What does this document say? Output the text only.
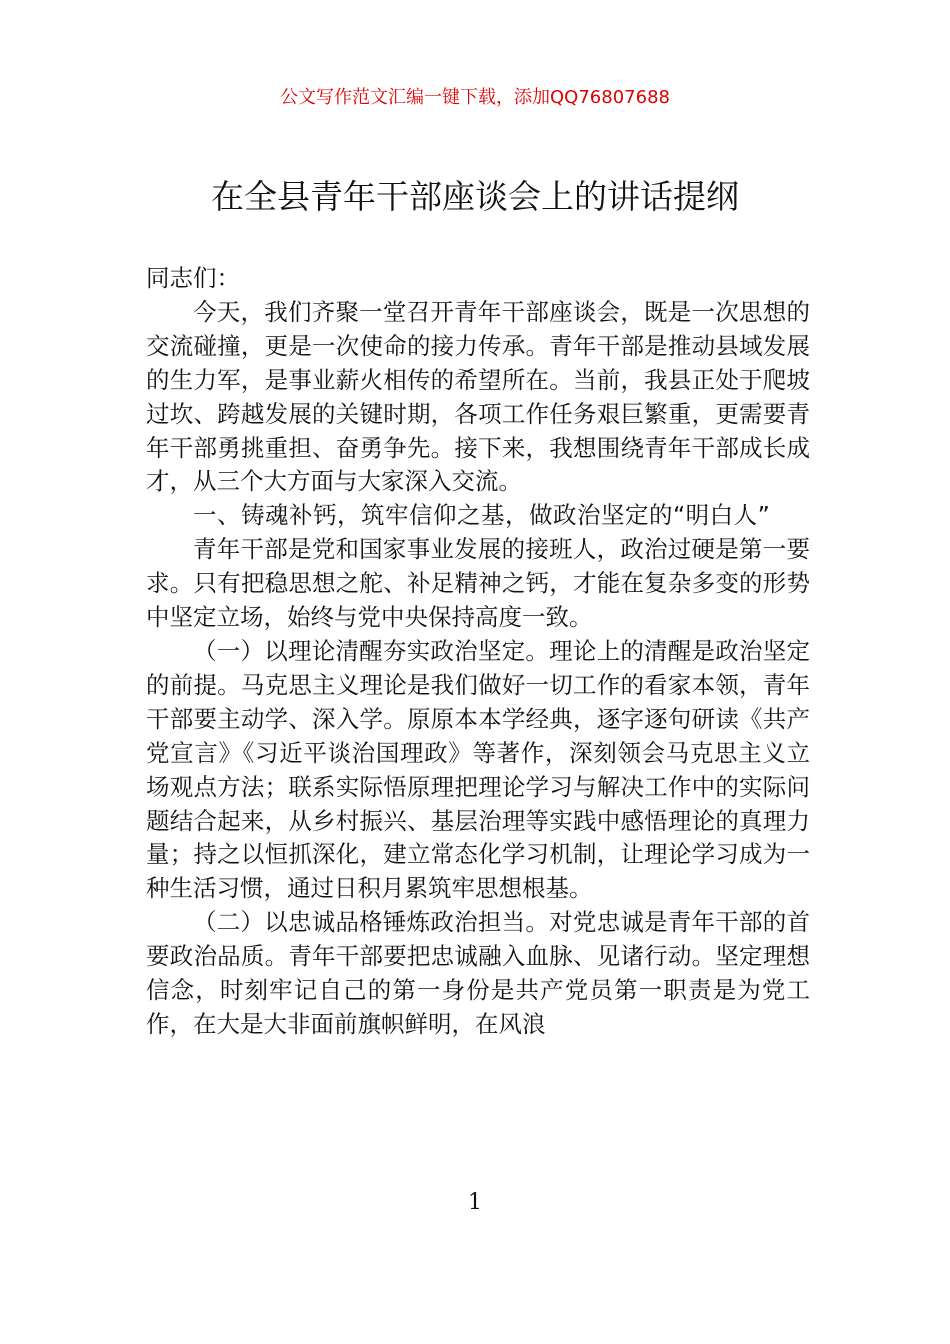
公文写作范文汇编一键下载，添加QQ76807688
在全县青年干部座谈会上的讲话提纲

同志们：

今天，我们齐聚一堂召开青年干部座谈会，既是一次思想的交流碰撞，更是一次使命的接力传承。青年干部是推动县域发展的生力军，是事业薪火相传的希望所在。当前，我县正处于爬坡过坎、跨越发展的关键时期，各项工作任务艰巨繁重，更需要青年干部勇挑重担、奋勇争先。接下来，我想围绕青年干部成长成才，从三个大方面与大家深入交流。

一、铸魂补钙，筑牢信仰之基，做政治坚定的“明白人”

青年干部是党和国家事业发展的接班人，政治过硬是第一要求。只有把稳思想之舵、补足精神之钙，才能在复杂多变的形势中坚定立场，始终与党中央保持高度一致。

（一）以理论清醒夯实政治坚定。理论上的清醒是政治坚定的前提。马克思主义理论是我们做好一切工作的看家本领，青年干部要主动学、深入学。原原本本学经典，逐字逐句研读《共产党宣言》《习近平谈治国理政》等著作，深刻领会马克思主义立场观点方法；联系实际悟原理把理论学习与解决工作中的实际问题结合起来，从乡村振兴、基层治理等实践中感悟理论的真理力量；持之以恒抓深化，建立常态化学习机制，让理论学习成为一种生活习惯，通过日积月累筑牢思想根基。

（二）以忠诚品格锤炼政治担当。对党忠诚是青年干部的首要政治品质。青年干部要把忠诚融入血脉、见诸行动。坚定理想信念，时刻牢记自己的第一身份是共产党员第一职责是为党工作，在大是大非面前旗帜鲜明，在风浪

1
